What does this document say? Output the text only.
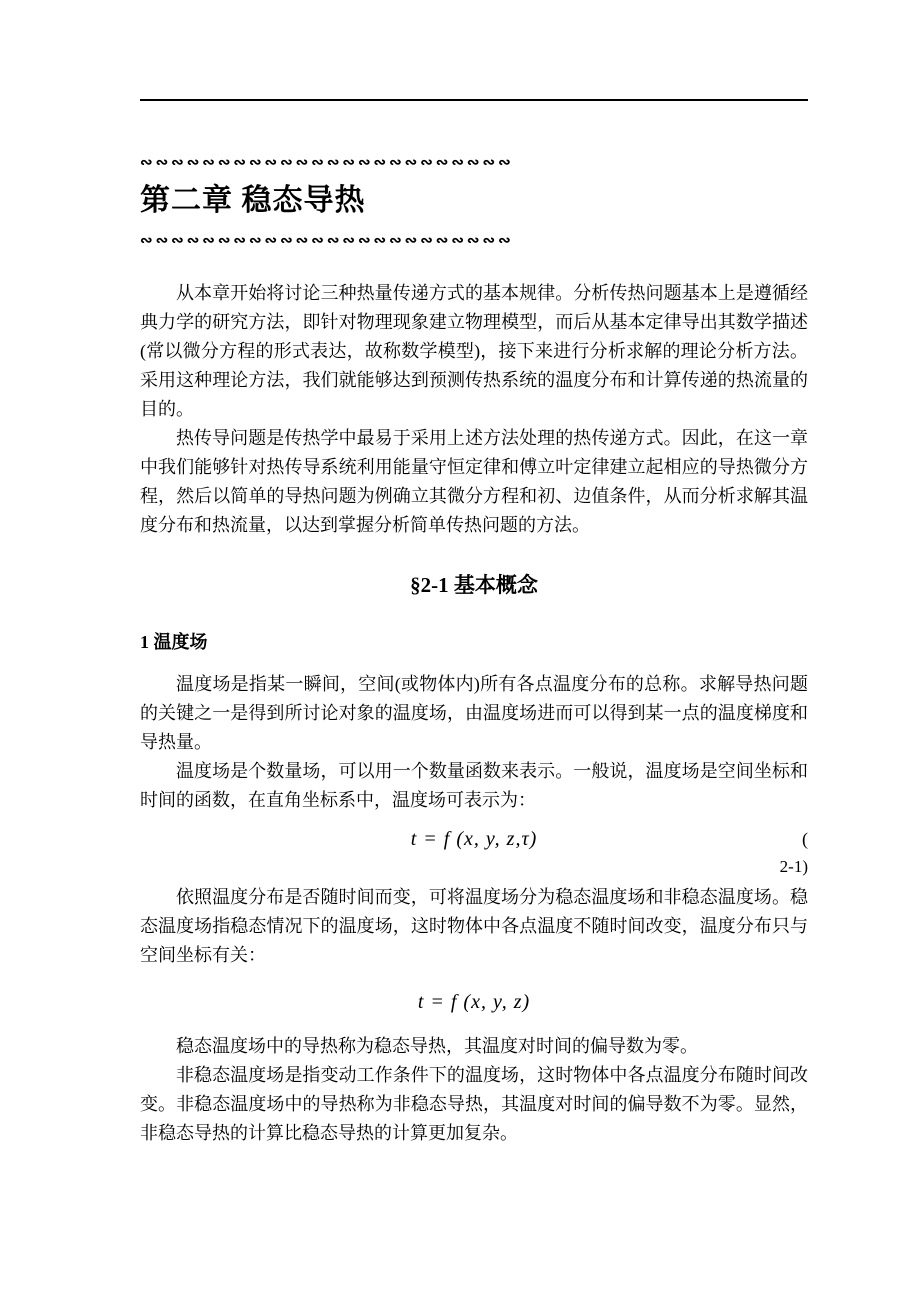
∾∾∾∾∾∾∾∾∾∾∾∾∾∾∾∾∾∾∾∾∾∾∾∾
第二章 稳态导热
∾∾∾∾∾∾∾∾∾∾∾∾∾∾∾∾∾∾∾∾∾∾∾∾

从本章开始将讨论三种热量传递方式的基本规律。分析传热问题基本上是遵循经典力学的研究方法，即针对物理现象建立物理模型，而后从基本定律导出其数学描述(常以微分方程的形式表达，故称数学模型)，接下来进行分析求解的理论分析方法。采用这种理论方法，我们就能够达到预测传热系统的温度分布和计算传递的热流量的目的。

热传导问题是传热学中最易于采用上述方法处理的热传递方式。因此，在这一章中我们能够针对热传导系统利用能量守恒定律和傅立叶定律建立起相应的导热微分方程，然后以简单的导热问题为例确立其微分方程和初、边值条件，从而分析求解其温度分布和热流量，以达到掌握分析简单传热问题的方法。

§2-1 基本概念
1 温度场

温度场是指某一瞬间，空间(或物体内)所有各点温度分布的总称。求解导热问题的关键之一是得到所讨论对象的温度场，由温度场进而可以得到某一点的温度梯度和导热量。

温度场是个数量场，可以用一个数量函数来表示。一般说，温度场是空间坐标和时间的函数，在直角坐标系中，温度场可表示为：

t = f (x, y, z,τ)	(
2-1)

依照温度分布是否随时间而变，可将温度场分为稳态温度场和非稳态温度场。稳态温度场指稳态情况下的温度场，这时物体中各点温度不随时间改变，温度分布只与空间坐标有关：

t = f (x, y, z)

稳态温度场中的导热称为稳态导热，其温度对时间的偏导数为零。

非稳态温度场是指变动工作条件下的温度场，这时物体中各点温度分布随时间改变。非稳态温度场中的导热称为非稳态导热，其温度对时间的偏导数不为零。显然，非稳态导热的计算比稳态导热的计算更加复杂。
